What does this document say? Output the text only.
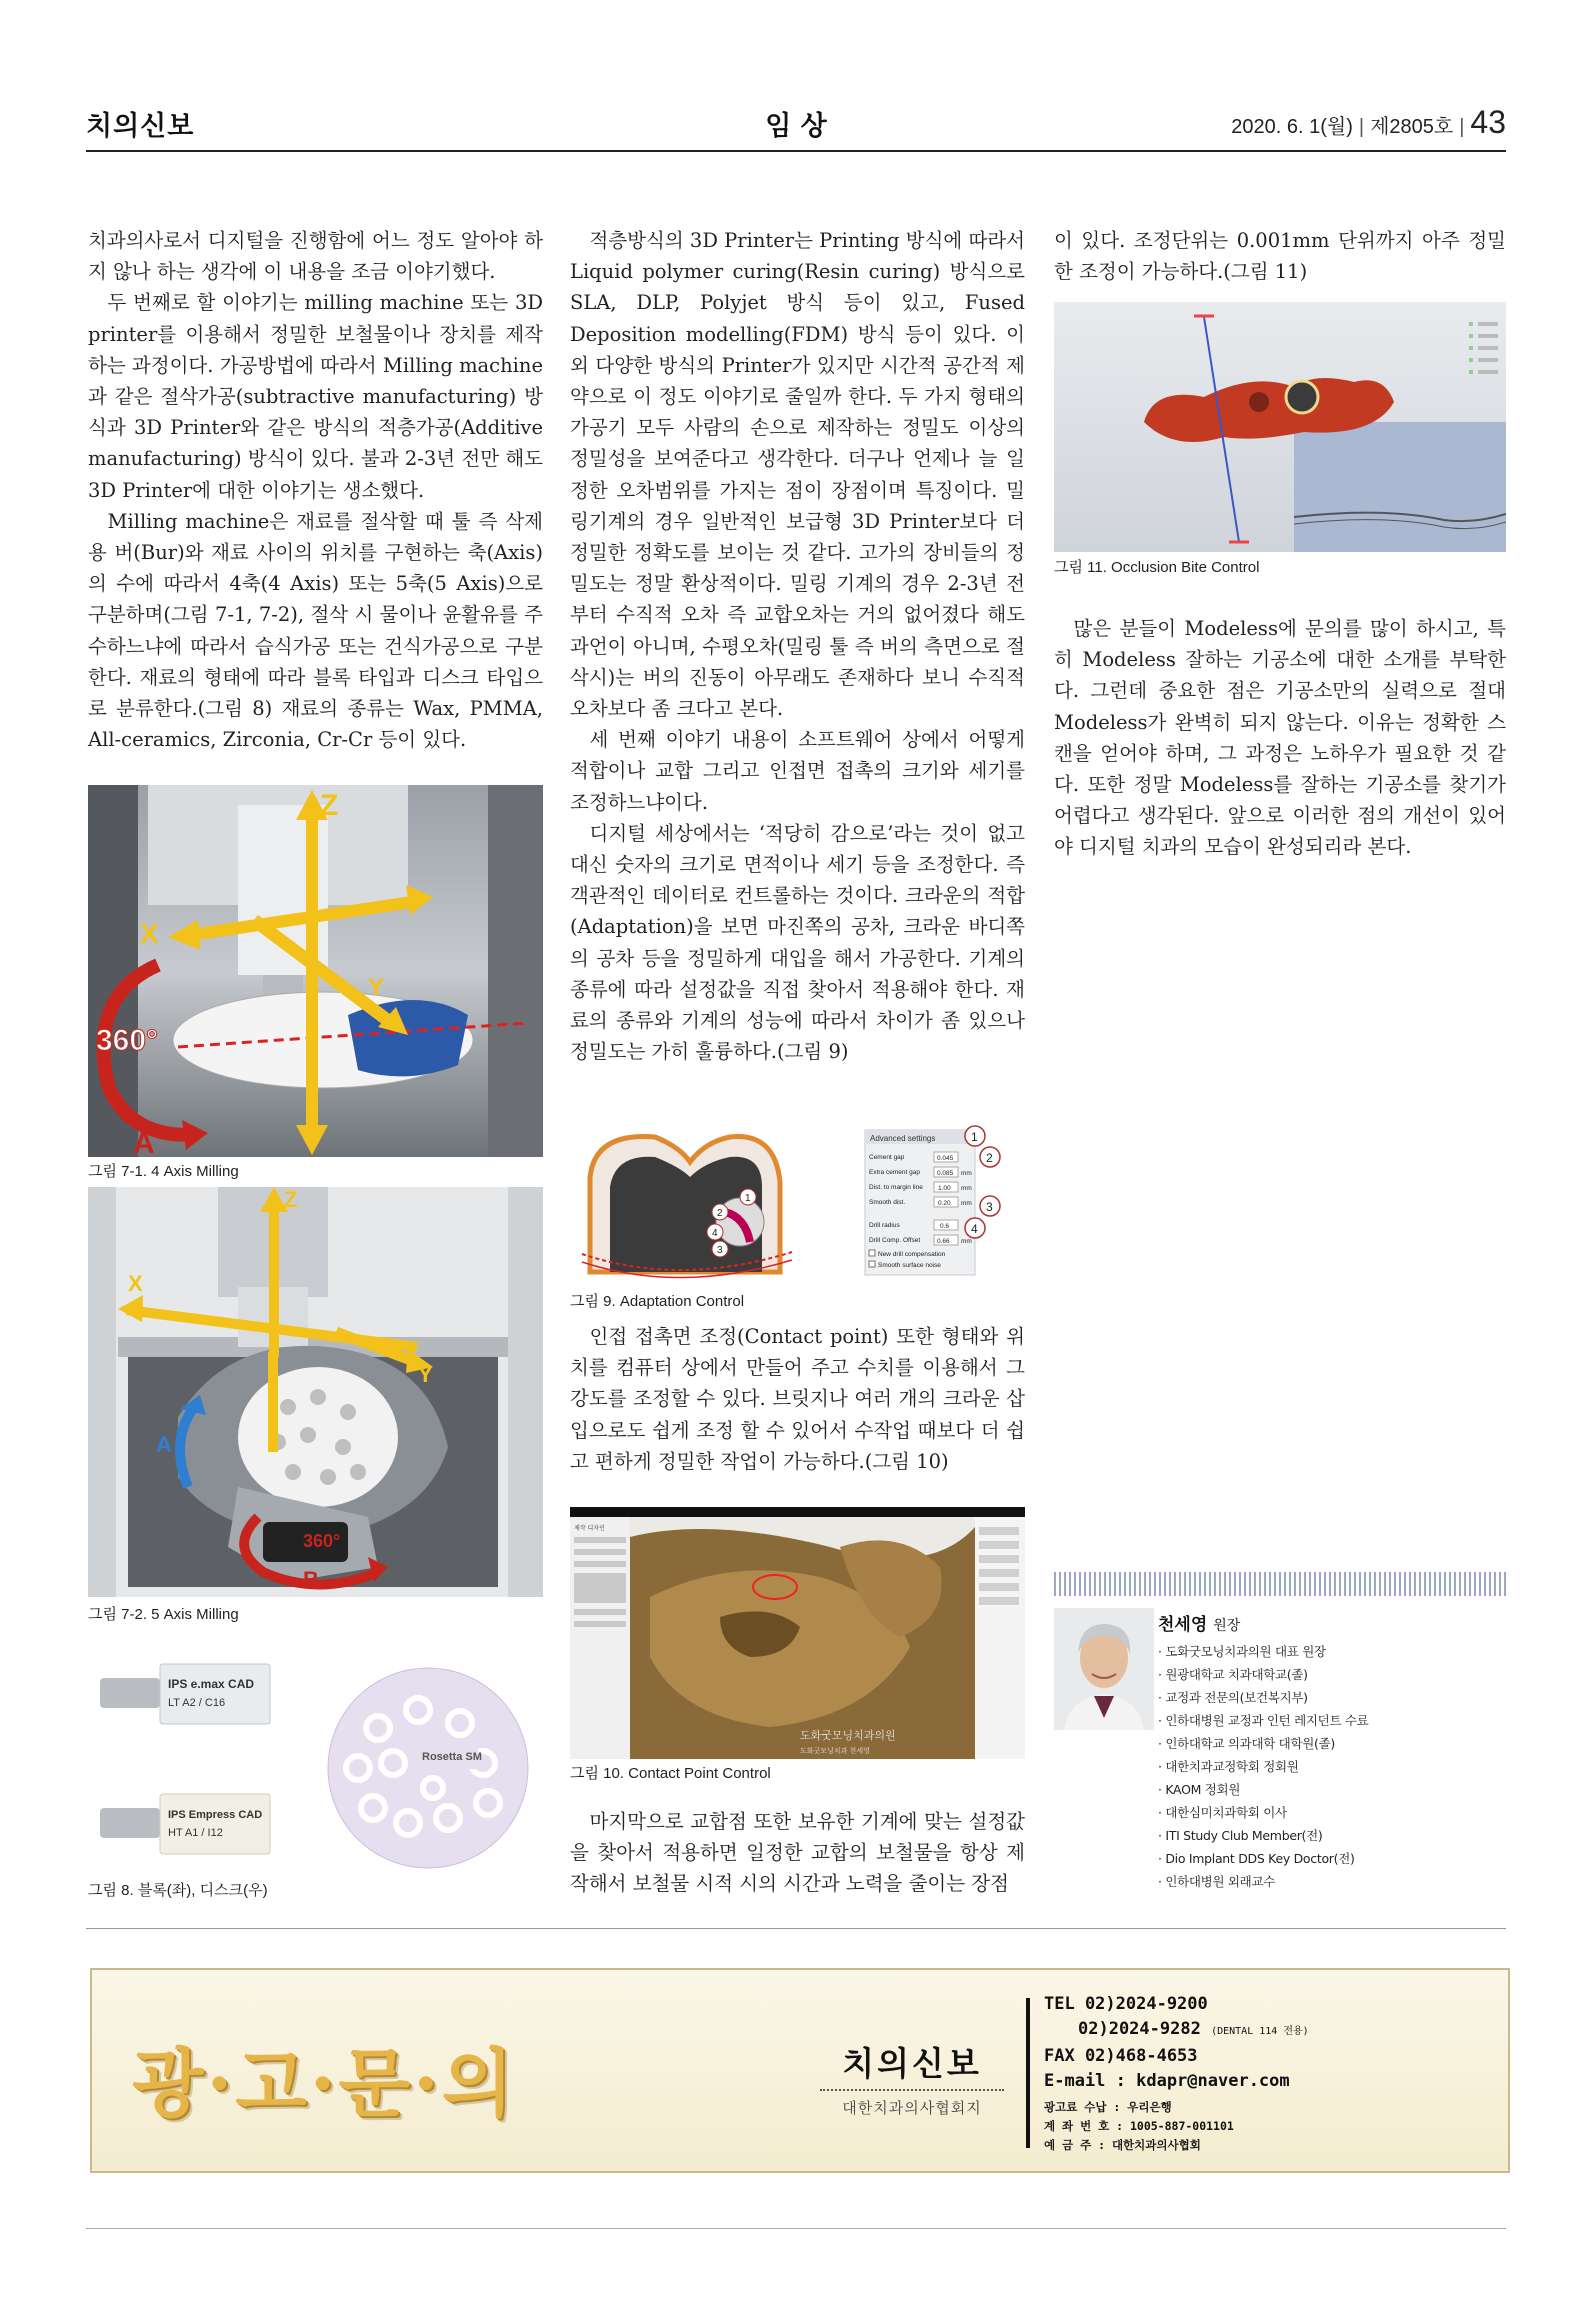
치의신보	임 상	2020. 6. 1(월) | 제2805호 | 43

치과의사로서 디지털을 진행함에 어느 정도 알아야 하지 않나 하는 생각에 이 내용을 조금 이야기했다.

두 번째로 할 이야기는 milling machine 또는 3D printer를 이용해서 정밀한 보철물이나 장치를 제작하는 과정이다. 가공방법에 따라서 Milling machine과 같은 절삭가공(subtractive manufacturing) 방식과 3D Printer와 같은 방식의 적층가공(Additive manufacturing) 방식이 있다. 불과 2-3년 전만 해도 3D Printer에 대한 이야기는 생소했다.

Milling machine은 재료를 절삭할 때 툴 즉 삭제용 버(Bur)와 재료 사이의 위치를 구현하는 축(Axis)의 수에 따라서 4축(4 Axis) 또는 5축(5 Axis)으로 구분하며(그림 7-1, 7-2), 절삭 시 물이나 윤활유를 주수하느냐에 따라서 습식가공 또는 건식가공으로 구분한다. 재료의 형태에 따라 블록 타입과 디스크 타입으로 분류한다.(그림 8) 재료의 종류는 Wax, PMMA, All-ceramics, Zirconia, Cr-Cr 등이 있다.

Z
X
Y
360°
A
그림 7-1. 4 Axis Milling
Z
X
Y
A
360°
B
그림 7-2. 5 Axis Milling
IPS e.max CAD
LT A2 / C16
IPS Empress CAD
HT A1 / I12
Rosetta SM
그림 8. 블록(좌), 디스크(우)

적층방식의 3D Printer는 Printing 방식에 따라서 Liquid polymer curing(Resin curing) 방식으로 SLA, DLP, Polyjet 방식 등이 있고, Fused Deposition modelling(FDM) 방식 등이 있다. 이외 다양한 방식의 Printer가 있지만 시간적 공간적 제약으로 이 정도 이야기로 줄일까 한다. 두 가지 형태의 가공기 모두 사람의 손으로 제작하는 정밀도 이상의 정밀성을 보여준다고 생각한다. 더구나 언제나 늘 일정한 오차범위를 가지는 점이 장점이며 특징이다. 밀링기계의 경우 일반적인 보급형 3D Printer보다 더 정밀한 정확도를 보이는 것 같다. 고가의 장비들의 정밀도는 정말 환상적이다. 밀링 기계의 경우 2-3년 전부터 수직적 오차 즉 교합오차는 거의 없어졌다 해도 과언이 아니며, 수평오차(밀링 툴 즉 버의 측면으로 절삭시)는 버의 진동이 아무래도 존재하다 보니 수직적 오차보다 좀 크다고 본다.

세 번째 이야기 내용이 소프트웨어 상에서 어떻게 적합이나 교합 그리고 인접면 접촉의 크기와 세기를 조정하느냐이다.

디지털 세상에서는 ‘적당히 감으로’라는 것이 없고 대신 숫자의 크기로 면적이나 세기 등을 조정한다. 즉 객관적인 데이터로 컨트롤하는 것이다. 크라운의 적합(Adaptation)을 보면 마진쪽의 공차, 크라운 바디쪽의 공차 등을 정밀하게 대입을 해서 가공한다. 기계의 종류에 따라 설정값을 직접 찾아서 적용해야 한다. 재료의 종류와 기계의 성능에 따라서 차이가 좀 있으나 정밀도는 가히 훌륭하다.(그림 9)

1
2
4
3
Advanced settings
Cement gap	0.045
Extra cement gap	0.085 mm
Dist. to margin line 1.00 mm
Smooth dist.	0.20 mm
Drill radius	0.6
Drill Comp. Offset	0.66 mm
New drill compensation
Smooth surface noise
1
2
3
4
그림 9. Adaptation Control

인접 접촉면 조정(Contact point) 또한 형태와 위치를 컴퓨터 상에서 만들어 주고 수치를 이용해서 그 강도를 조정할 수 있다. 브릿지나 여러 개의 크라운 삽입으로도 쉽게 조정 할 수 있어서 수작업 때보다 더 쉽고 편하게 정밀한 작업이 가능하다.(그림 10)

제작 디자인
도화굿모닝치과의원
도화굿모닝치과 천세영
그림 10. Contact Point Control

마지막으로 교합점 또한 보유한 기계에 맞는 설정값을 찾아서 적용하면 일정한 교합의 보철물을 항상 제작해서 보철물 시적 시의 시간과 노력을 줄이는 장점

이 있다. 조정단위는 0.001mm 단위까지 아주 정밀한 조정이 가능하다.(그림 11)

그림 11. Occlusion Bite Control

많은 분들이 Modeless에 문의를 많이 하시고, 특히 Modeless 잘하는 기공소에 대한 소개를 부탁한다. 그런데 중요한 점은 기공소만의 실력으로 절대 Modeless가 완벽히 되지 않는다. 이유는 정확한 스캔을 얻어야 하며, 그 과정은 노하우가 필요한 것 같다. 또한 정말 Modeless를 잘하는 기공소를 찾기가 어렵다고 생각된다. 앞으로 이러한 점의 개선이 있어야 디지털 치과의 모습이 완성되리라 본다.

천세영 원장
· 도화굿모닝치과의원 대표 원장
· 원광대학교 치과대학교(졸)
· 교정과 전문의(보건복지부)
· 인하대병원 교정과 인턴 레지던트 수료
· 인하대학교 의과대학 대학원(졸)
· 대한치과교정학회 정회원
· KAOM 정회원
· 대한심미치과학회 이사
· ITI Study Club Member(전)
· Dio Implant DDS Key Doctor(전)
· 인하대병원 외래교수
광·고·문·의	치의신보
대한치과의사협회지
TEL 02)2024-9200
02)2024-9282 (DENTAL 114 전용)
FAX 02)468-4653
E-mail : kdapr@naver.com
광고료 수납 : 우리은행
계 좌 번 호 : 1005-887-001101
예 금 주 : 대한치과의사협회
